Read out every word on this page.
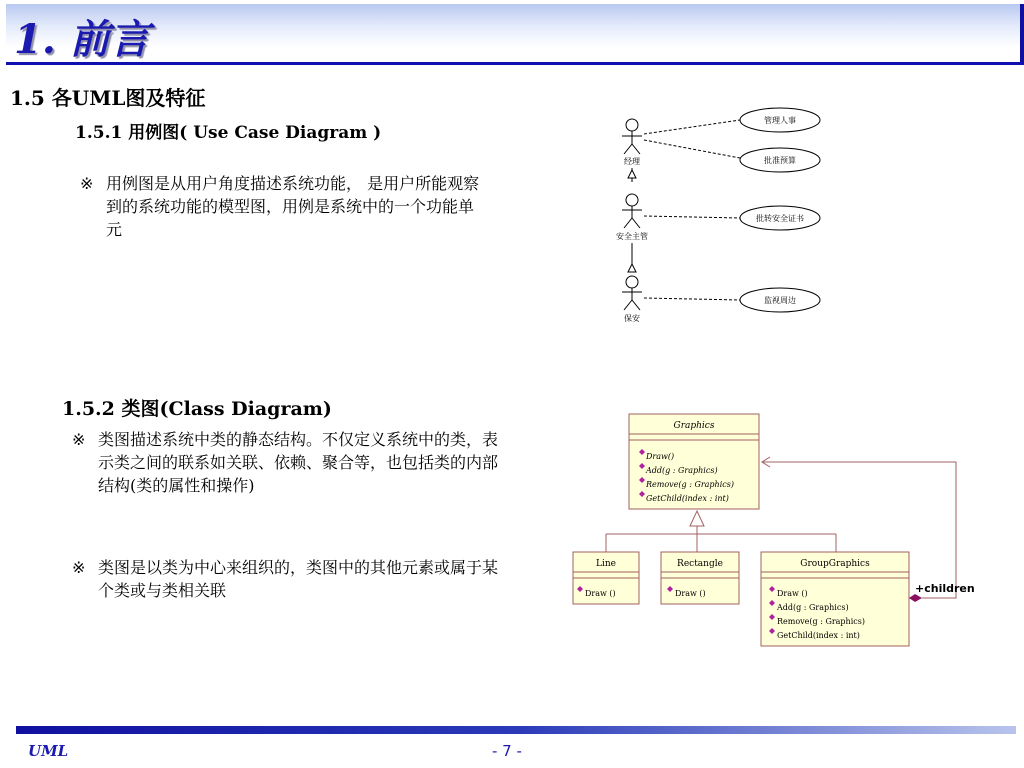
1. 前言
1.5 各UML图及特征
1.5.1 用例图( Use Case Diagram )
※ 用例图是从用户角度描述系统功能， 是用户所能观察到的系统功能的模型图，用例是系统中的一个功能单元
经理
安全主管
保安
管理人事
批准预算
批转安全证书
监视周边
1.5.2 类图(Class Diagram)
※ 类图描述系统中类的静态结构。不仅定义系统中的类，表示类之间的联系如关联、依赖、聚合等，也包括类的内部结构(类的属性和操作)
※ 类图是以类为中心来组织的，类图中的其他元素或属于某个类或与类相关联
Graphics
Draw()
Add(g : Graphics)
Remove(g : Graphics)
GetChild(index : int)
Line
Draw ()
Rectangle
Draw ()
GroupGraphics
Draw ()
Add(g : Graphics)
Remove(g : Graphics)
GetChild(index : int)
+children
UML	- 7 -
